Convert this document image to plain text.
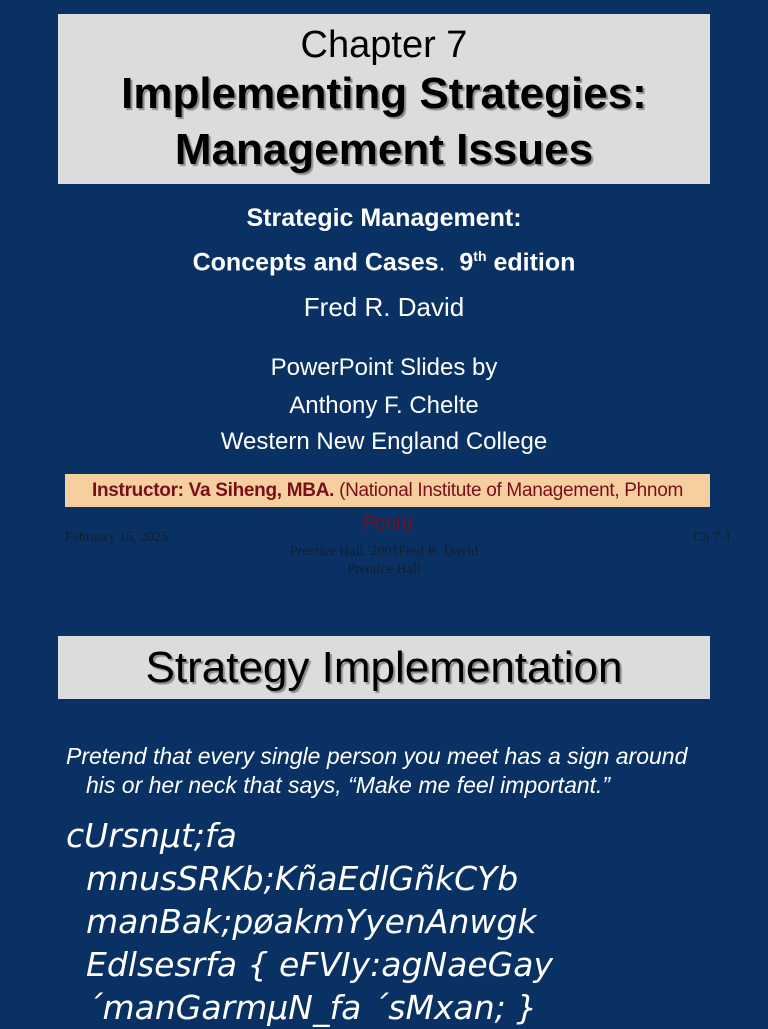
Chapter 7
Implementing Strategies:
Management Issues
Strategic Management:
Concepts and Cases. 9th edition
Fred R. David
PowerPoint Slides by
Anthony F. Chelte
Western New England College
Instructor: Va Siheng, MBA. (National Institute of Management, Phnom Penh)
February 15, 2025
Prentice Hall, 2001Fred R. David
Prentice Hall
Ch 7-1
Strategy Implementation
Pretend that every single person you meet has a sign around
his or her neck that says, “Make me feel important.”
cUrsnµt;fa
mnusSRKb;KñaEdlGñkCYb
manBak;pøakmYyenAnwgk
Edlsesrfa { eFVIy:agNaeGay
´manGarmµN_fa ´sMxan; }
